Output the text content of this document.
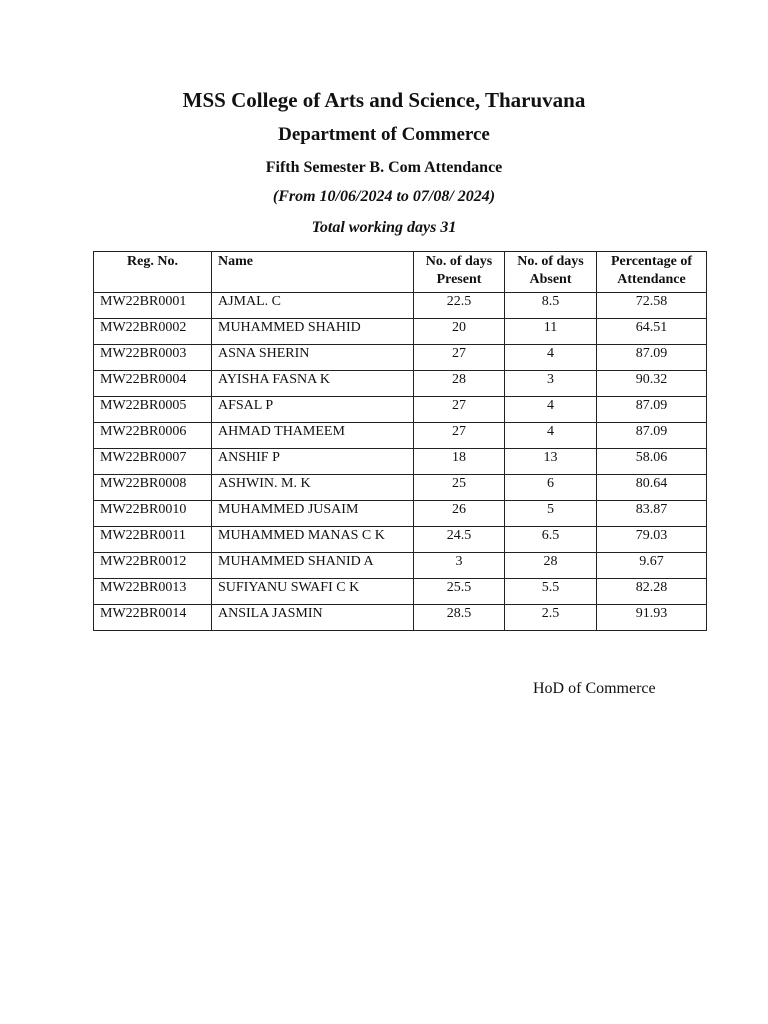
MSS College of Arts and Science, Tharuvana
Department of Commerce
Fifth Semester B. Com Attendance
(From 10/06/2024 to 07/08/ 2024)
Total working days 31
Reg. No.	Name	No. of days Present	No. of days Absent	Percentage of Attendance
MW22BR0001	AJMAL. C	22.5	8.5	72.58
MW22BR0002	MUHAMMED SHAHID	20	11	64.51
MW22BR0003	ASNA SHERIN	27	4	87.09
MW22BR0004	AYISHA FASNA K	28	3	90.32
MW22BR0005	AFSAL P	27	4	87.09
MW22BR0006	AHMAD THAMEEM	27	4	87.09
MW22BR0007	ANSHIF P	18	13	58.06
MW22BR0008	ASHWIN. M. K	25	6	80.64
MW22BR0010	MUHAMMED JUSAIM	26	5	83.87
MW22BR0011	MUHAMMED MANAS C K	24.5	6.5	79.03
MW22BR0012	MUHAMMED SHANID A	3	28	9.67
MW22BR0013	SUFIYANU SWAFI C K	25.5	5.5	82.28
MW22BR0014	ANSILA JASMIN	28.5	2.5	91.93
HoD of Commerce
